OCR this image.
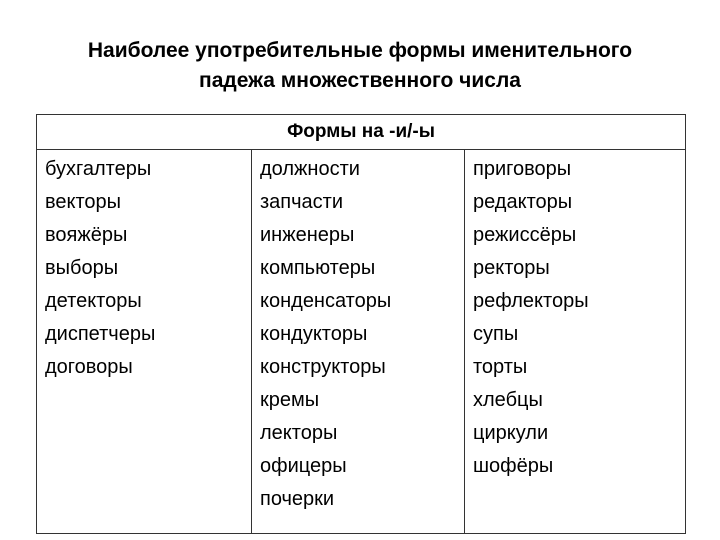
Наиболее употребительные формы именительного
падежа множественного числа
Формы на -и/-ы

бухгалтеры
векторы
вояжёры
выборы
детекторы
диспетчеры
договоры

должности
запчасти
инженеры
компьютеры
конденсаторы
кондукторы
конструкторы
кремы
лекторы
офицеры
почерки

приговоры
редакторы
режиссёры
ректоры
рефлекторы
супы
торты
хлебцы
циркули
шофёры
